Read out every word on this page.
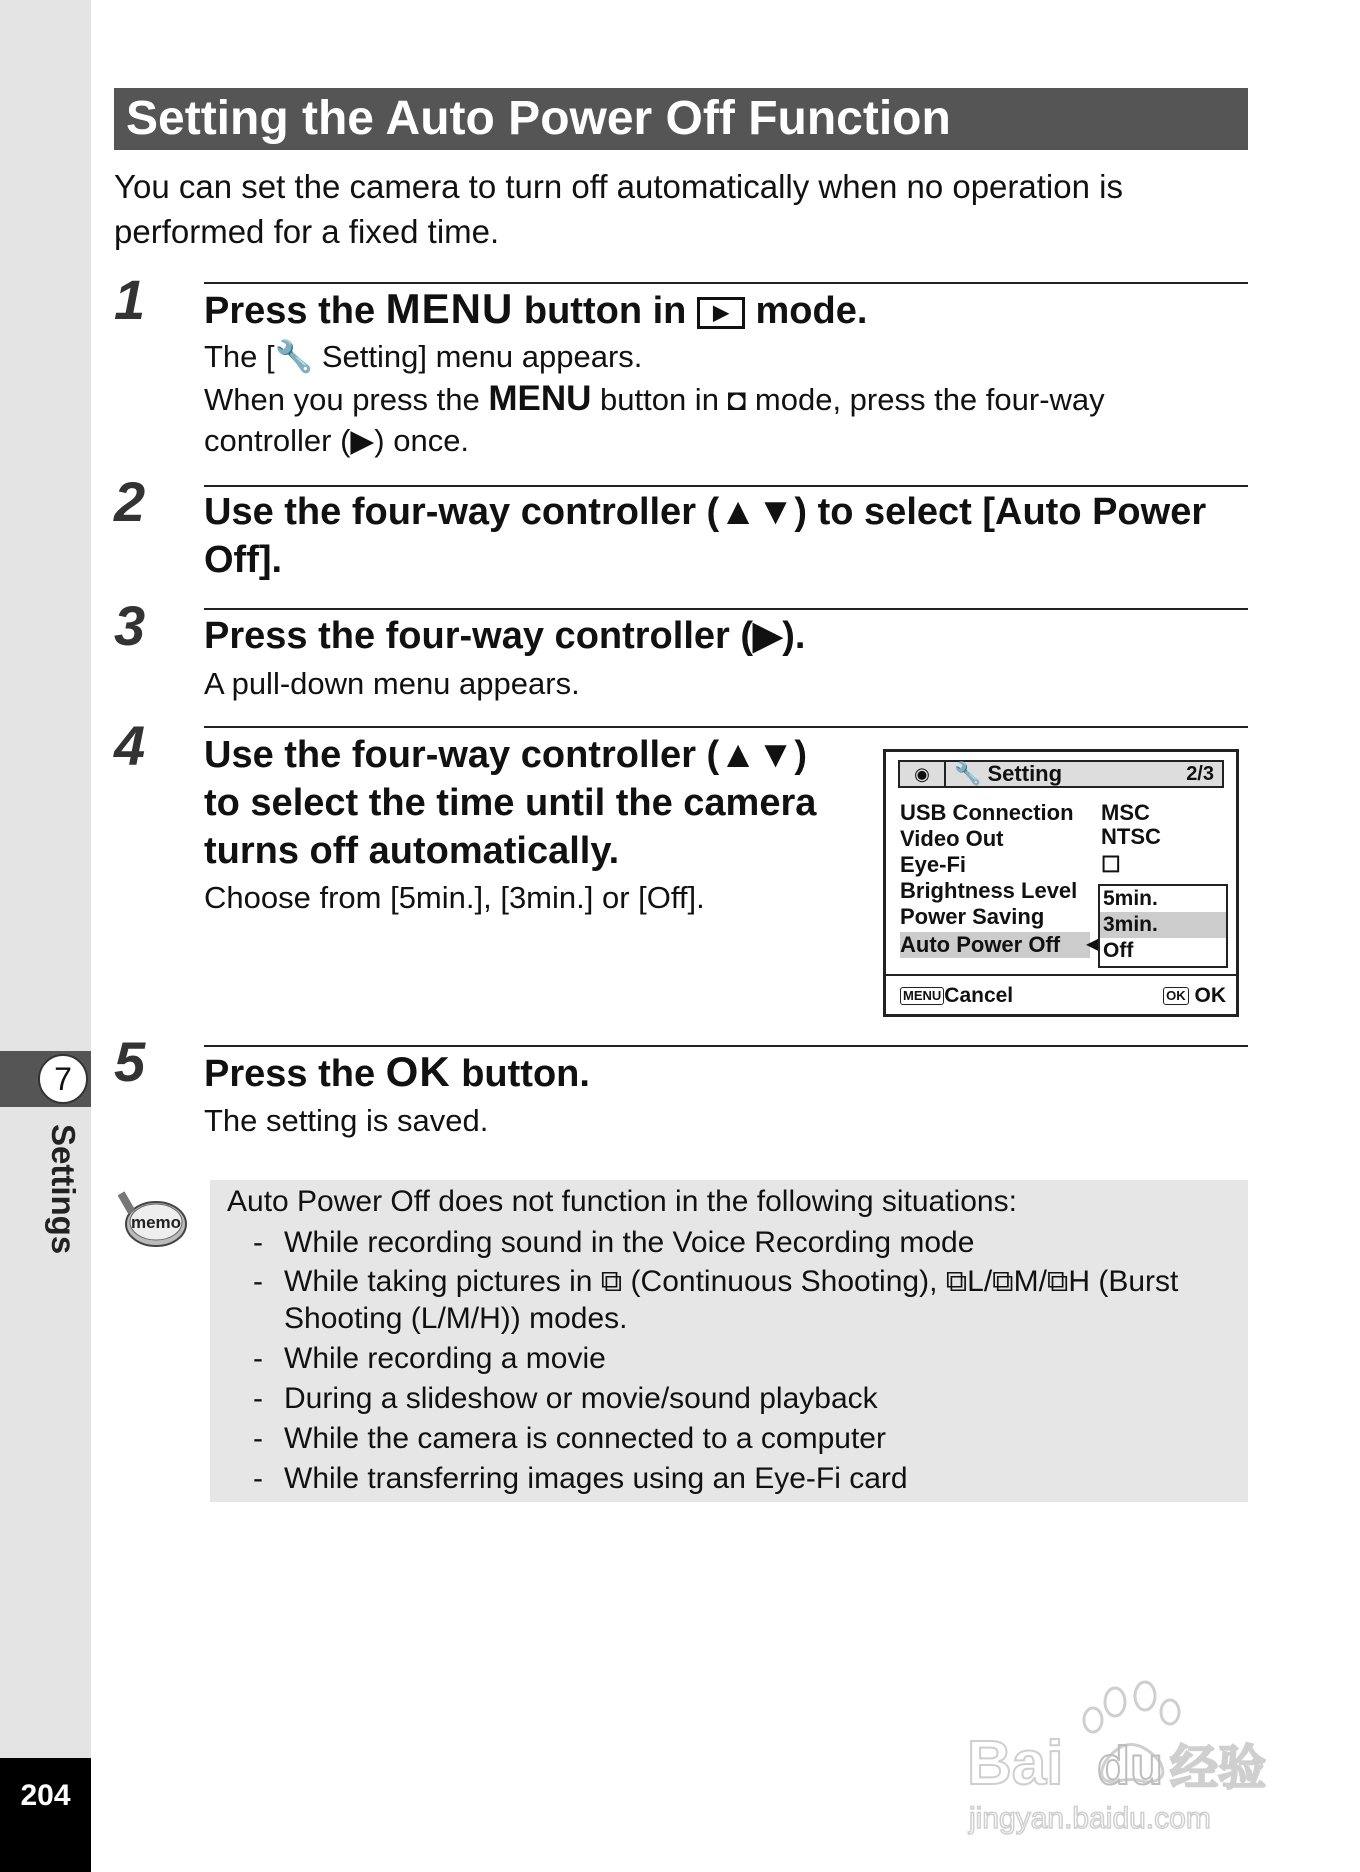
7
Settings
204
Setting the Auto Power Off Function
You can set the camera to turn off automatically when no operation is performed for a fixed time.
1 Press the MENU button in ▶ mode.
The [🔧 Setting] menu appears.
When you press the MENU button in ◘ mode, press the four-way
controller (▶) once.
2 Use the four-way controller (▲▼) to select [Auto Power
Off].
3 Press the four-way controller (▶).
A pull-down menu appears.
4 Use the four-way controller (▲▼)
to select the time until the camera
turns off automatically.
Choose from [5min.], [3min.] or [Off].
◉	🔧 Setting	2/3
USB Connection MSC
Video Out	NTSC
Eye-Fi	☐
Brightness Level
Power Saving
Auto Power Off	◀
5min.
3min.
Off
MENU Cancel	OK OK
5 Press the OK button.
The setting is saved.
memo
Auto Power Off does not function in the following situations:
- While recording sound in the Voice Recording mode
- While taking pictures in ⧉ (Continuous Shooting), ⧉L/⧉M/⧉H (Burst
Shooting (L/M/H)) modes.
- While recording a movie
- During a slideshow or movie/sound playback
- While the camera is connected to a computer
- While transferring images using an Eye-Fi card
Bai du 经验
jingyan.baidu.com
